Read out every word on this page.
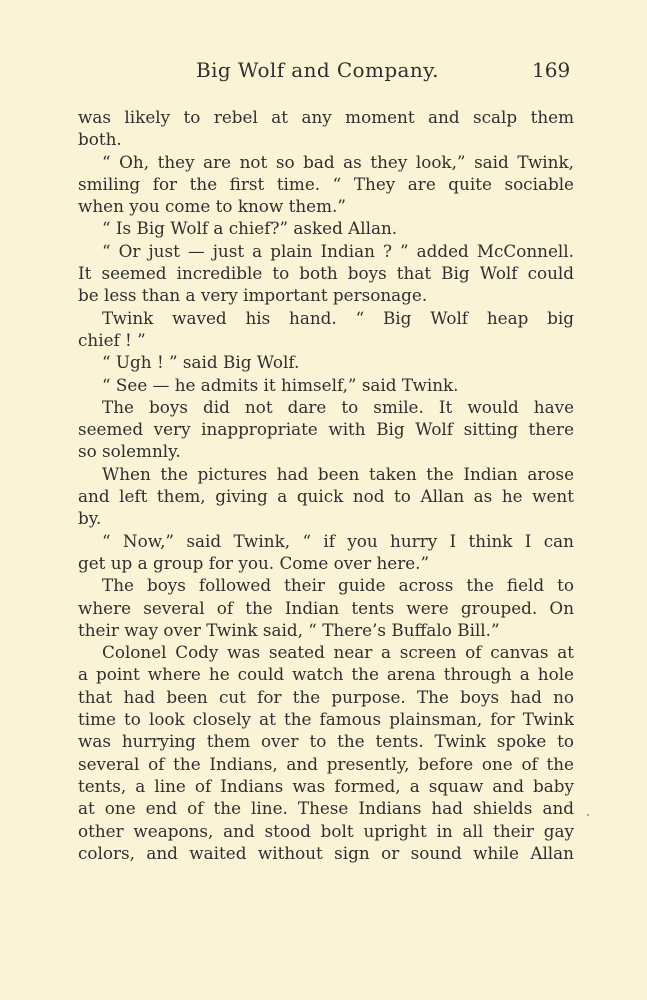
Big Wolf and Company.	169
was likely to rebel at any moment and scalp them
both.
“ Oh, they are not so bad as they look,” said Twink,
smiling for the first time. “ They are quite sociable
when you come to know them.”
“ Is Big Wolf a chief?” asked Allan.
“ Or just — just a plain Indian ? ” added McConnell.
It seemed incredible to both boys that Big Wolf could
be less than a very important personage.
Twink waved his hand. “ Big Wolf heap big
chief ! ”
“ Ugh ! ” said Big Wolf.
“ See — he admits it himself,” said Twink.
The boys did not dare to smile. It would have
seemed very inappropriate with Big Wolf sitting there
so solemnly.
When the pictures had been taken the Indian arose
and left them, giving a quick nod to Allan as he went
by.
“ Now,” said Twink, “ if you hurry I think I can
get up a group for you. Come over here.”
The boys followed their guide across the field to
where several of the Indian tents were grouped. On
their way over Twink said, “ There’s Buffalo Bill.”
Colonel Cody was seated near a screen of canvas at
a point where he could watch the arena through a hole
that had been cut for the purpose. The boys had no
time to look closely at the famous plainsman, for Twink
was hurrying them over to the tents. Twink spoke to
several of the Indians, and presently, before one of the
tents, a line of Indians was formed, a squaw and baby
at one end of the line. These Indians had shields and
other weapons, and stood bolt upright in all their gay
colors, and waited without sign or sound while Allan
